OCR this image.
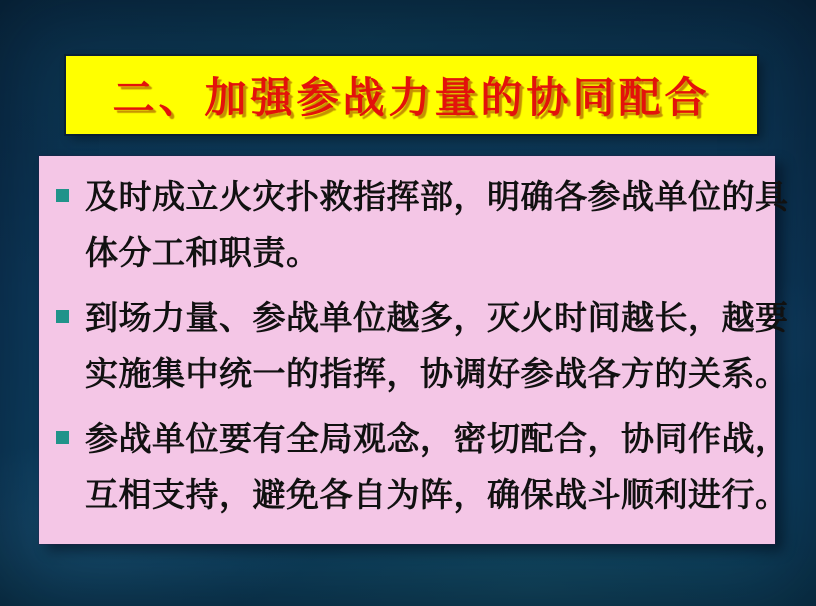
二、加强参战力量的协同配合
及时成立火灾扑救指挥部，明确各参战单位的具
体分工和职责。
到场力量、参战单位越多，灭火时间越长，越要
实施集中统一的指挥，协调好参战各方的关系。
参战单位要有全局观念，密切配合，协同作战，
互相支持，避免各自为阵，确保战斗顺利进行。
